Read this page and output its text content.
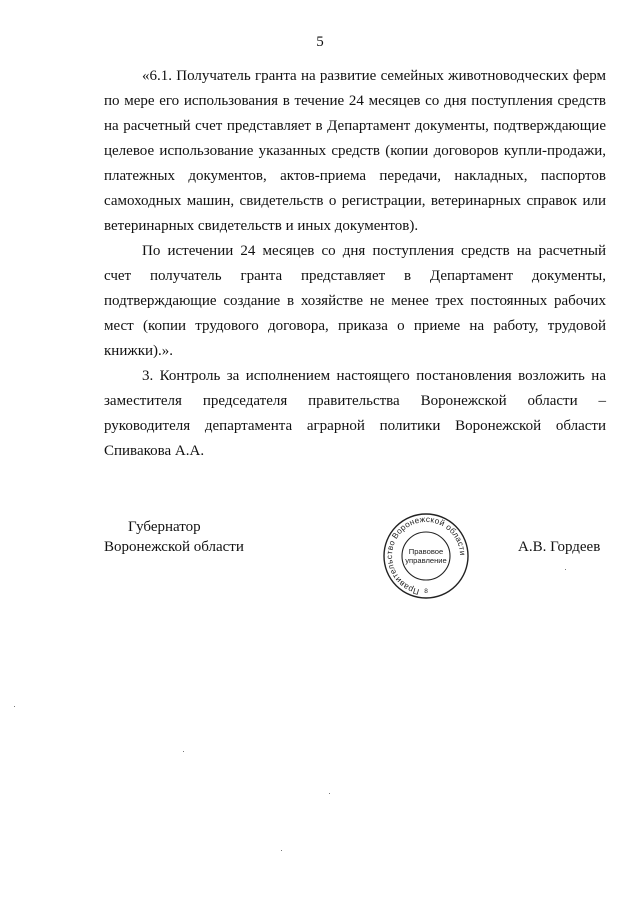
5

«6.1. Получатель гранта на развитие семейных животноводческих ферм по мере его использования в течение 24 месяцев со дня поступления средств на расчетный счет представляет в Департамент документы, подтверждающие целевое использование указанных средств (копии договоров купли-продажи, платежных документов, актов-приема передачи, накладных, паспортов самоходных машин, свидетельств о регистрации, ветеринарных справок или ветеринарных свидетельств и иных документов).

По истечении 24 месяцев со дня поступления средств на расчетный счет получатель гранта представляет в Департамент документы, подтверждающие создание в хозяйстве не менее трех постоянных рабочих мест (копии трудового договора, приказа о приеме на работу, трудовой книжки).».

3. Контроль за исполнением настоящего постановления возложить на заместителя председателя правительства Воронежской области – руководителя департамента аграрной политики Воронежской области Спивакова А.А.

Губернатор
Воронежской области
Правительство Воронежской области
Правовое
управление
8
А.В. Гордеев
